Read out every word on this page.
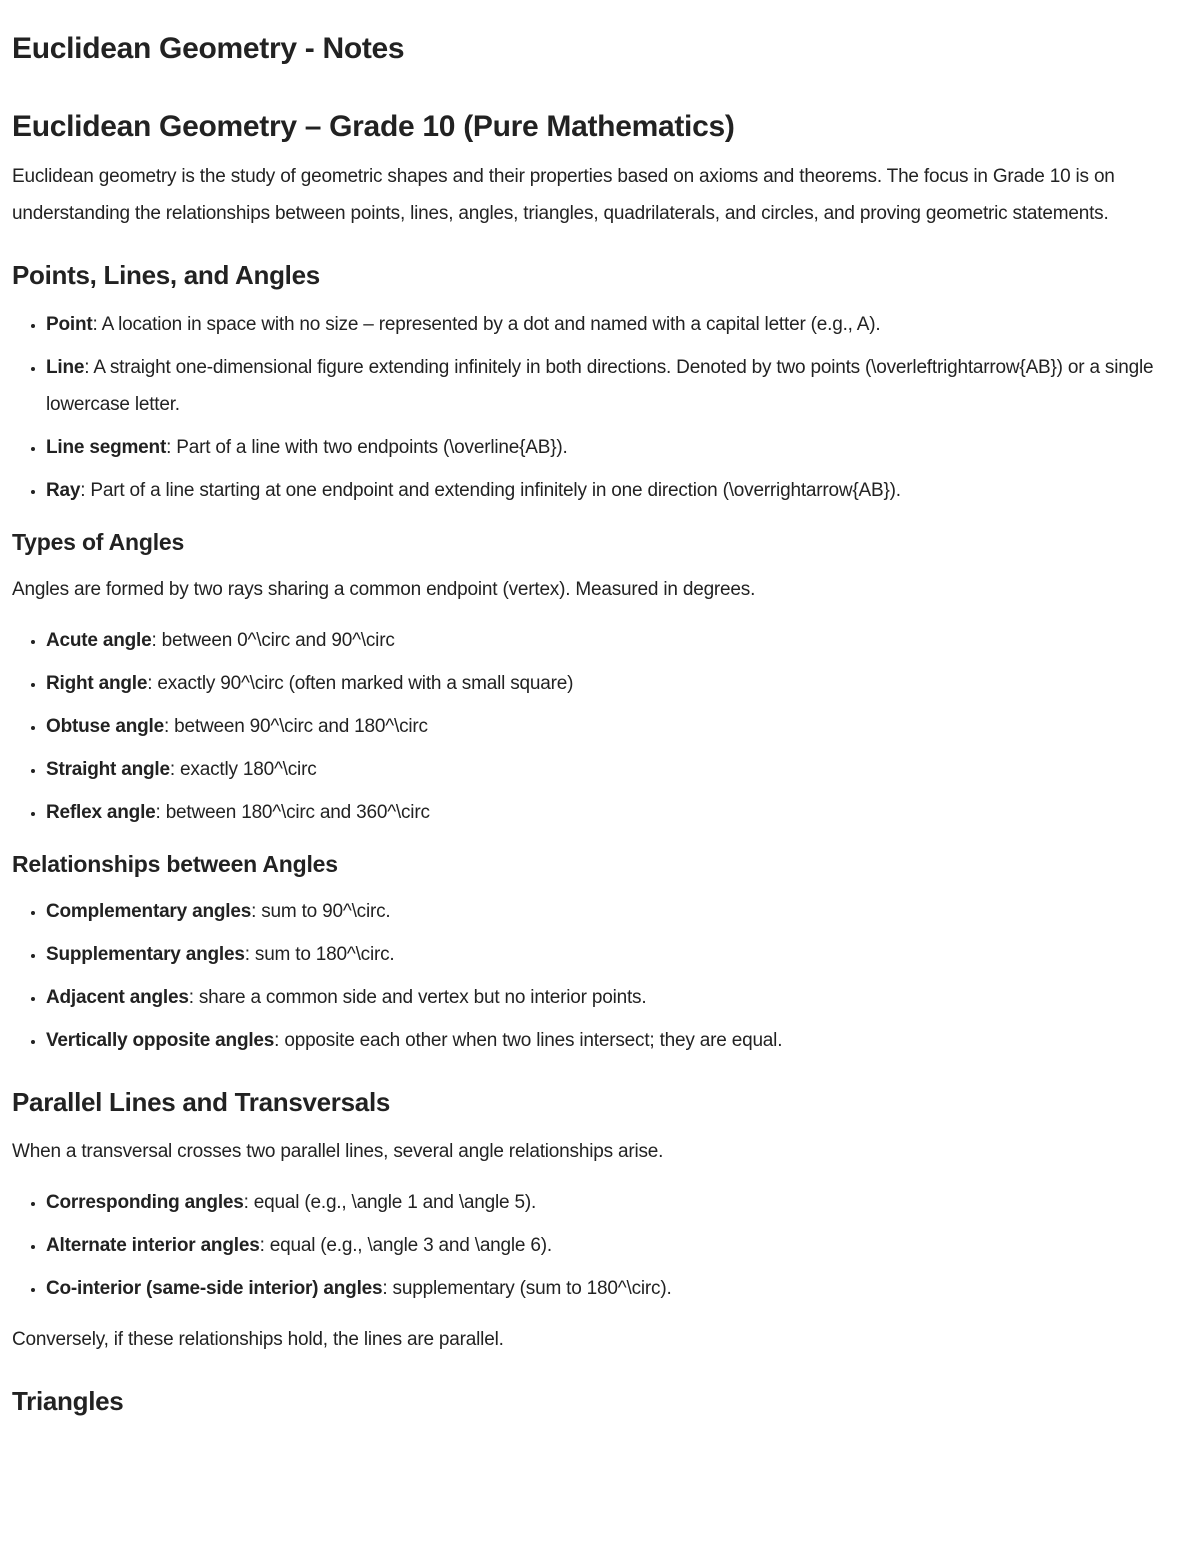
Euclidean Geometry - Notes
Euclidean Geometry – Grade 10 (Pure Mathematics)

Euclidean geometry is the study of geometric shapes and their properties based on axioms and theorems. The focus in Grade 10 is on understanding the relationships between points, lines, angles, triangles, quadrilaterals, and circles, and proving geometric statements.

Points, Lines, and Angles
• Point: A location in space with no size – represented by a dot and named with a capital letter (e.g., A).
• Line: A straight one-dimensional figure extending infinitely in both directions. Denoted by two points (\overleftrightarrow{AB}) or a single lowercase letter.
• Line segment: Part of a line with two endpoints (\overline{AB}).
• Ray: Part of a line starting at one endpoint and extending infinitely in one direction (\overrightarrow{AB}).
Types of Angles

Angles are formed by two rays sharing a common endpoint (vertex). Measured in degrees.

• Acute angle: between 0^\circ and 90^\circ
• Right angle: exactly 90^\circ (often marked with a small square)
• Obtuse angle: between 90^\circ and 180^\circ
• Straight angle: exactly 180^\circ
• Reflex angle: between 180^\circ and 360^\circ
Relationships between Angles
• Complementary angles: sum to 90^\circ.
• Supplementary angles: sum to 180^\circ.
• Adjacent angles: share a common side and vertex but no interior points.
• Vertically opposite angles: opposite each other when two lines intersect; they are equal.
Parallel Lines and Transversals

When a transversal crosses two parallel lines, several angle relationships arise.

• Corresponding angles: equal (e.g., \angle 1 and \angle 5).
• Alternate interior angles: equal (e.g., \angle 3 and \angle 6).
• Co-interior (same-side interior) angles: supplementary (sum to 180^\circ).

Conversely, if these relationships hold, the lines are parallel.

Triangles
